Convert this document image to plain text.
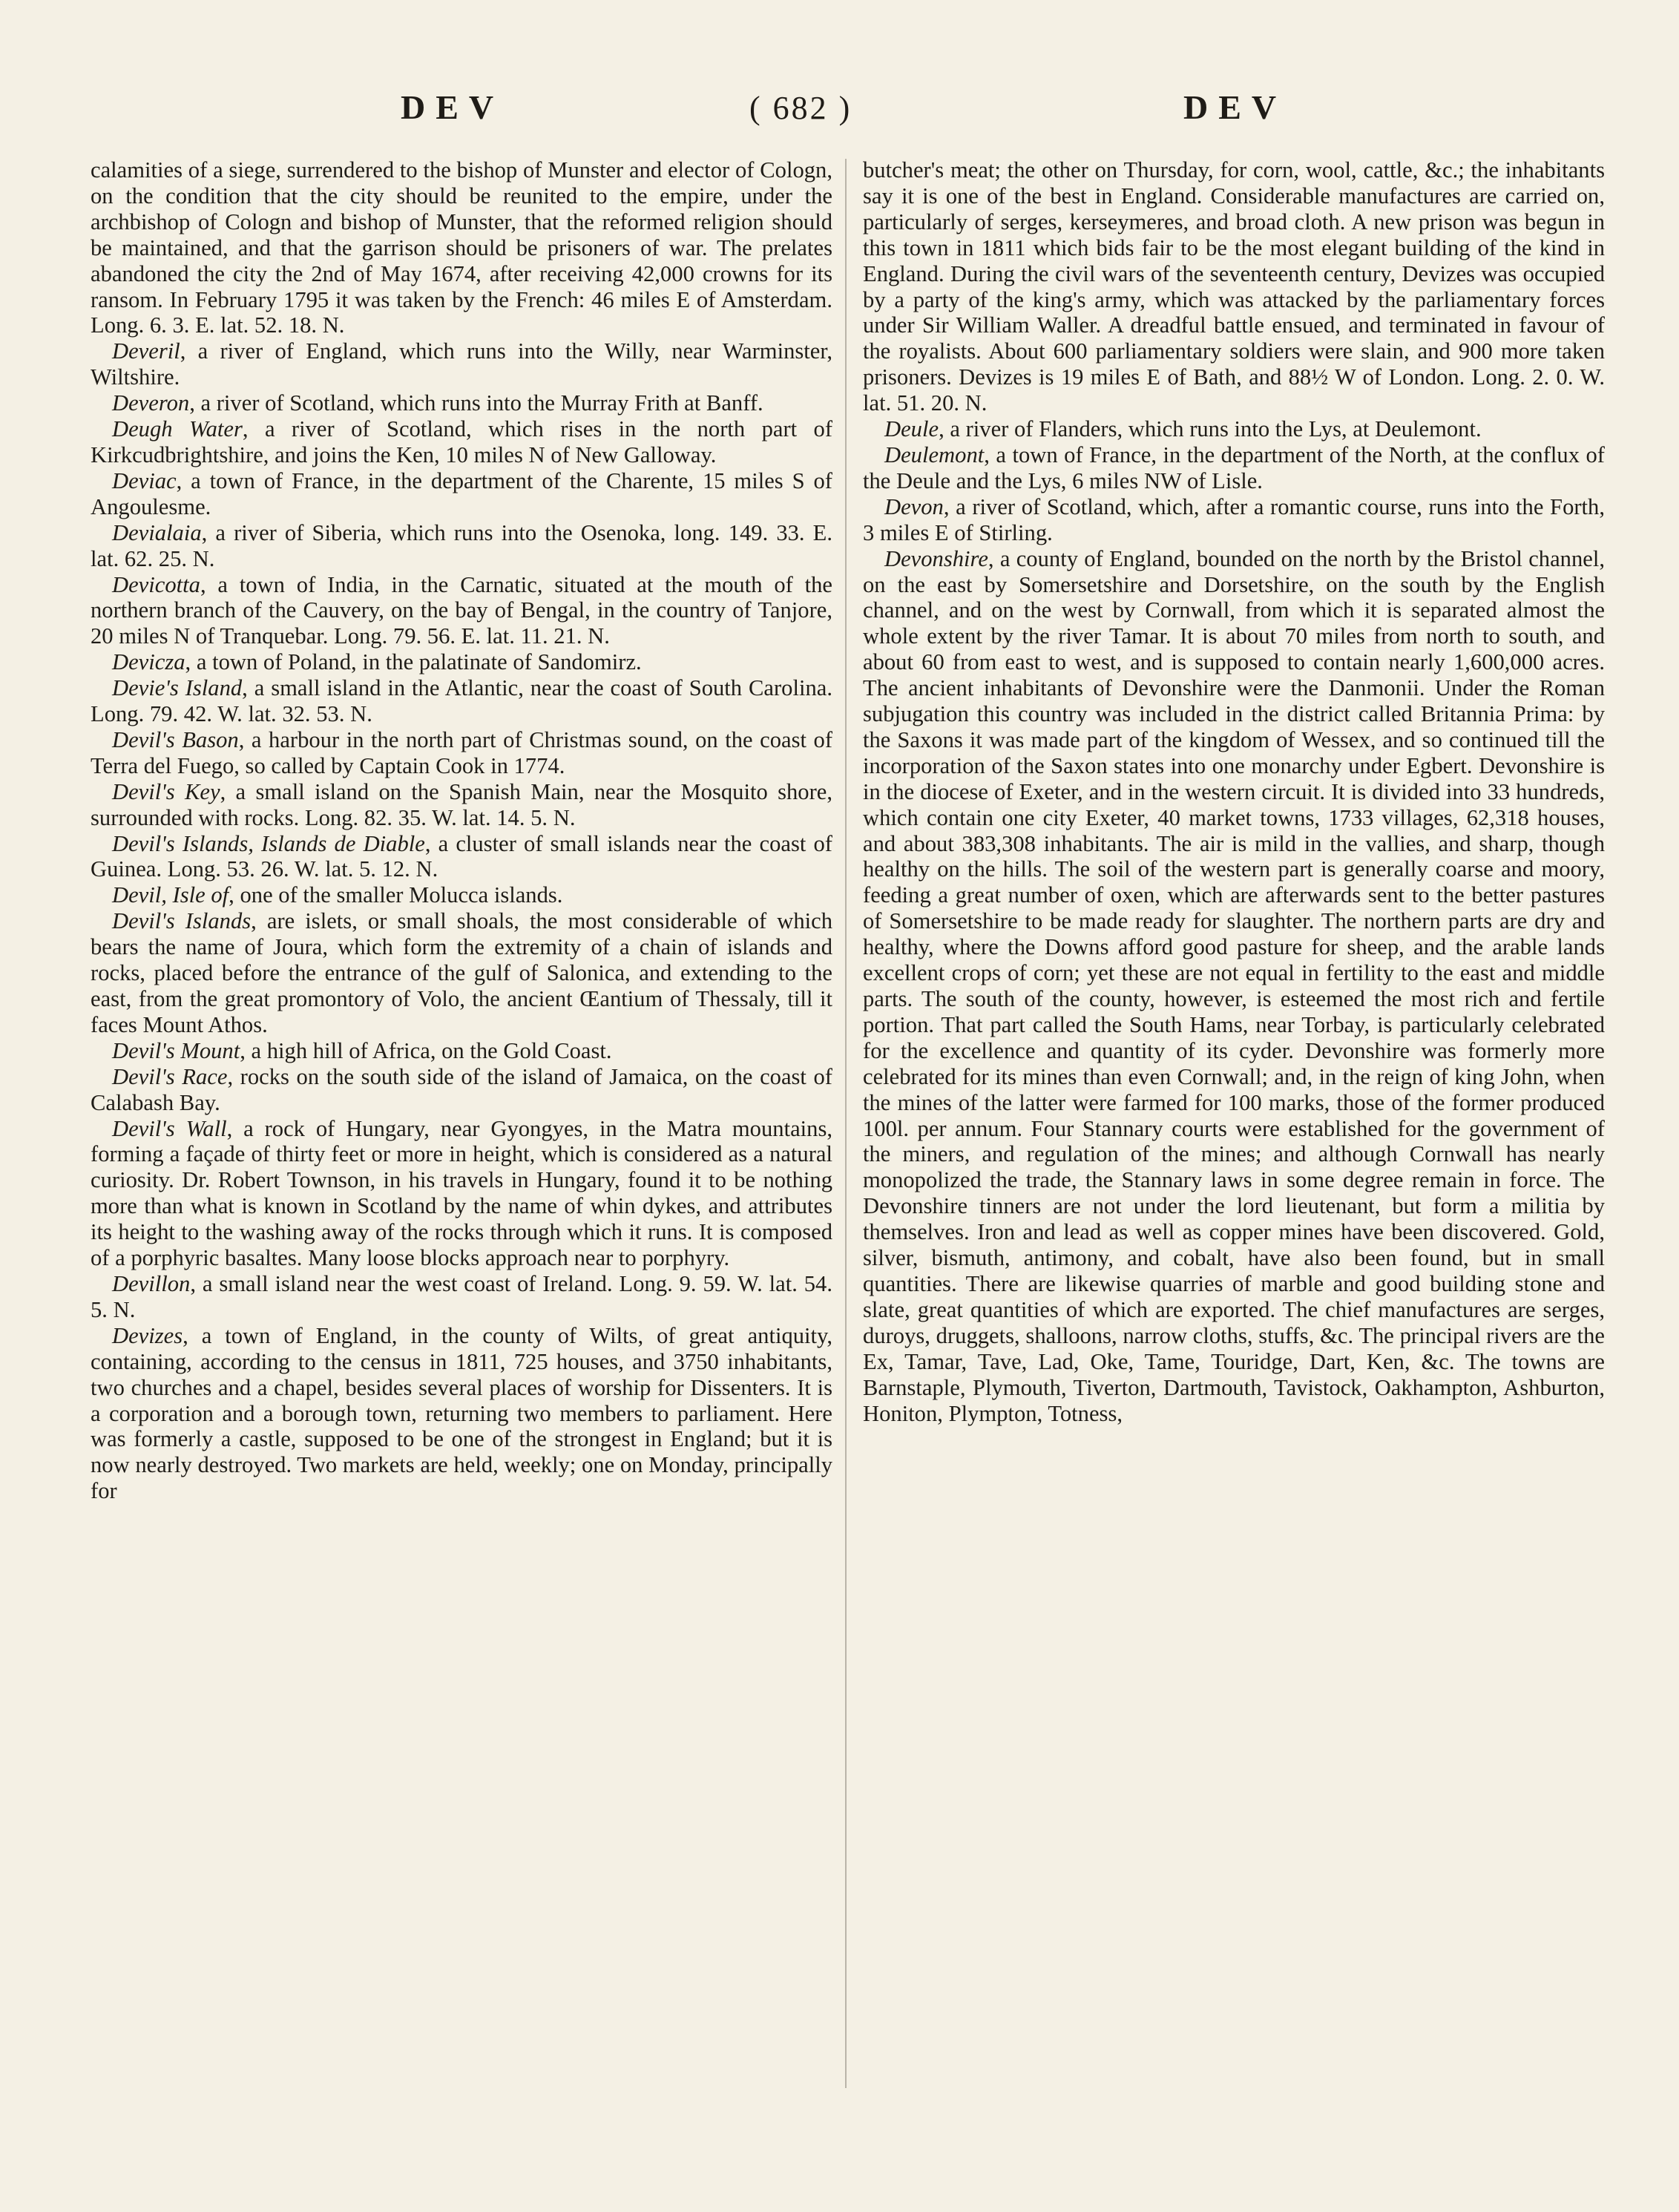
DEV	( 682 )	DEV

calamities of a siege, surrendered to the bishop of Munster and elector of Cologn, on the condition that the city should be reunited to the empire, under the archbishop of Cologn and bishop of Munster, that the reformed religion should be maintained, and that the garrison should be prisoners of war. The prelates abandoned the city the 2nd of May 1674, after receiving 42,000 crowns for its ransom. In February 1795 it was taken by the French: 46 miles E of Amsterdam. Long. 6. 3. E. lat. 52. 18. N.

Deveril, a river of England, which runs into the Willy, near Warminster, Wiltshire.

Deveron, a river of Scotland, which runs into the Murray Frith at Banff.

Deugh Water, a river of Scotland, which rises in the north part of Kirkcudbrightshire, and joins the Ken, 10 miles N of New Galloway.

Deviac, a town of France, in the department of the Charente, 15 miles S of Angoulesme.

Devialaia, a river of Siberia, which runs into the Osenoka, long. 149. 33. E. lat. 62. 25. N.

Devicotta, a town of India, in the Carnatic, situated at the mouth of the northern branch of the Cauvery, on the bay of Bengal, in the country of Tanjore, 20 miles N of Tranquebar. Long. 79. 56. E. lat. 11. 21. N.

Devicza, a town of Poland, in the palatinate of Sandomirz.

Devie's Island, a small island in the Atlantic, near the coast of South Carolina. Long. 79. 42. W. lat. 32. 53. N.

Devil's Bason, a harbour in the north part of Christmas sound, on the coast of Terra del Fuego, so called by Captain Cook in 1774.

Devil's Key, a small island on the Spanish Main, near the Mosquito shore, surrounded with rocks. Long. 82. 35. W. lat. 14. 5. N.

Devil's Islands, Islands de Diable, a cluster of small islands near the coast of Guinea. Long. 53. 26. W. lat. 5. 12. N.

Devil, Isle of, one of the smaller Molucca islands.

Devil's Islands, are islets, or small shoals, the most considerable of which bears the name of Joura, which form the extremity of a chain of islands and rocks, placed before the entrance of the gulf of Salonica, and extending to the east, from the great promontory of Volo, the ancient Œantium of Thessaly, till it faces Mount Athos.

Devil's Mount, a high hill of Africa, on the Gold Coast.

Devil's Race, rocks on the south side of the island of Jamaica, on the coast of Calabash Bay.

Devil's Wall, a rock of Hungary, near Gyongyes, in the Matra mountains, forming a façade of thirty feet or more in height, which is considered as a natural curiosity. Dr. Robert Townson, in his travels in Hungary, found it to be nothing more than what is known in Scotland by the name of whin dykes, and attributes its height to the washing away of the rocks through which it runs. It is composed of a porphyric basaltes. Many loose blocks approach near to porphyry.

Devillon, a small island near the west coast of Ireland. Long. 9. 59. W. lat. 54. 5. N.

Devizes, a town of England, in the county of Wilts, of great antiquity, containing, according to the census in 1811, 725 houses, and 3750 inhabitants, two churches and a chapel, besides several places of worship for Dissenters. It is a corporation and a borough town, returning two members to parliament. Here was formerly a castle, supposed to be one of the strongest in England; but it is now nearly destroyed. Two markets are held, weekly; one on Monday, principally for

butcher's meat; the other on Thursday, for corn, wool, cattle, &c.; the inhabitants say it is one of the best in England. Considerable manufactures are carried on, particularly of serges, kerseymeres, and broad cloth. A new prison was begun in this town in 1811 which bids fair to be the most elegant building of the kind in England. During the civil wars of the seventeenth century, Devizes was occupied by a party of the king's army, which was attacked by the parliamentary forces under Sir William Waller. A dreadful battle ensued, and terminated in favour of the royalists. About 600 parliamentary soldiers were slain, and 900 more taken prisoners. Devizes is 19 miles E of Bath, and 88½ W of London. Long. 2. 0. W. lat. 51. 20. N.

Deule, a river of Flanders, which runs into the Lys, at Deulemont.

Deulemont, a town of France, in the department of the North, at the conflux of the Deule and the Lys, 6 miles NW of Lisle.

Devon, a river of Scotland, which, after a romantic course, runs into the Forth, 3 miles E of Stirling.

Devonshire, a county of England, bounded on the north by the Bristol channel, on the east by Somersetshire and Dorsetshire, on the south by the English channel, and on the west by Cornwall, from which it is separated almost the whole extent by the river Tamar. It is about 70 miles from north to south, and about 60 from east to west, and is supposed to contain nearly 1,600,000 acres. The ancient inhabitants of Devonshire were the Danmonii. Under the Roman subjugation this country was included in the district called Britannia Prima: by the Saxons it was made part of the kingdom of Wessex, and so continued till the incorporation of the Saxon states into one monarchy under Egbert. Devonshire is in the diocese of Exeter, and in the western circuit. It is divided into 33 hundreds, which contain one city Exeter, 40 market towns, 1733 villages, 62,318 houses, and about 383,308 inhabitants. The air is mild in the vallies, and sharp, though healthy on the hills. The soil of the western part is generally coarse and moory, feeding a great number of oxen, which are afterwards sent to the better pastures of Somersetshire to be made ready for slaughter. The northern parts are dry and healthy, where the Downs afford good pasture for sheep, and the arable lands excellent crops of corn; yet these are not equal in fertility to the east and middle parts. The south of the county, however, is esteemed the most rich and fertile portion. That part called the South Hams, near Torbay, is particularly celebrated for the excellence and quantity of its cyder. Devonshire was formerly more celebrated for its mines than even Cornwall; and, in the reign of king John, when the mines of the latter were farmed for 100 marks, those of the former produced 100l. per annum. Four Stannary courts were established for the government of the miners, and regulation of the mines; and although Cornwall has nearly monopolized the trade, the Stannary laws in some degree remain in force. The Devonshire tinners are not under the lord lieutenant, but form a militia by themselves. Iron and lead as well as copper mines have been discovered. Gold, silver, bismuth, antimony, and cobalt, have also been found, but in small quantities. There are likewise quarries of marble and good building stone and slate, great quantities of which are exported. The chief manufactures are serges, duroys, druggets, shalloons, narrow cloths, stuffs, &c. The principal rivers are the Ex, Tamar, Tave, Lad, Oke, Tame, Touridge, Dart, Ken, &c. The towns are Barnstaple, Plymouth, Tiverton, Dartmouth, Tavistock, Oakhampton, Ashburton, Honiton, Plympton, Totness,
